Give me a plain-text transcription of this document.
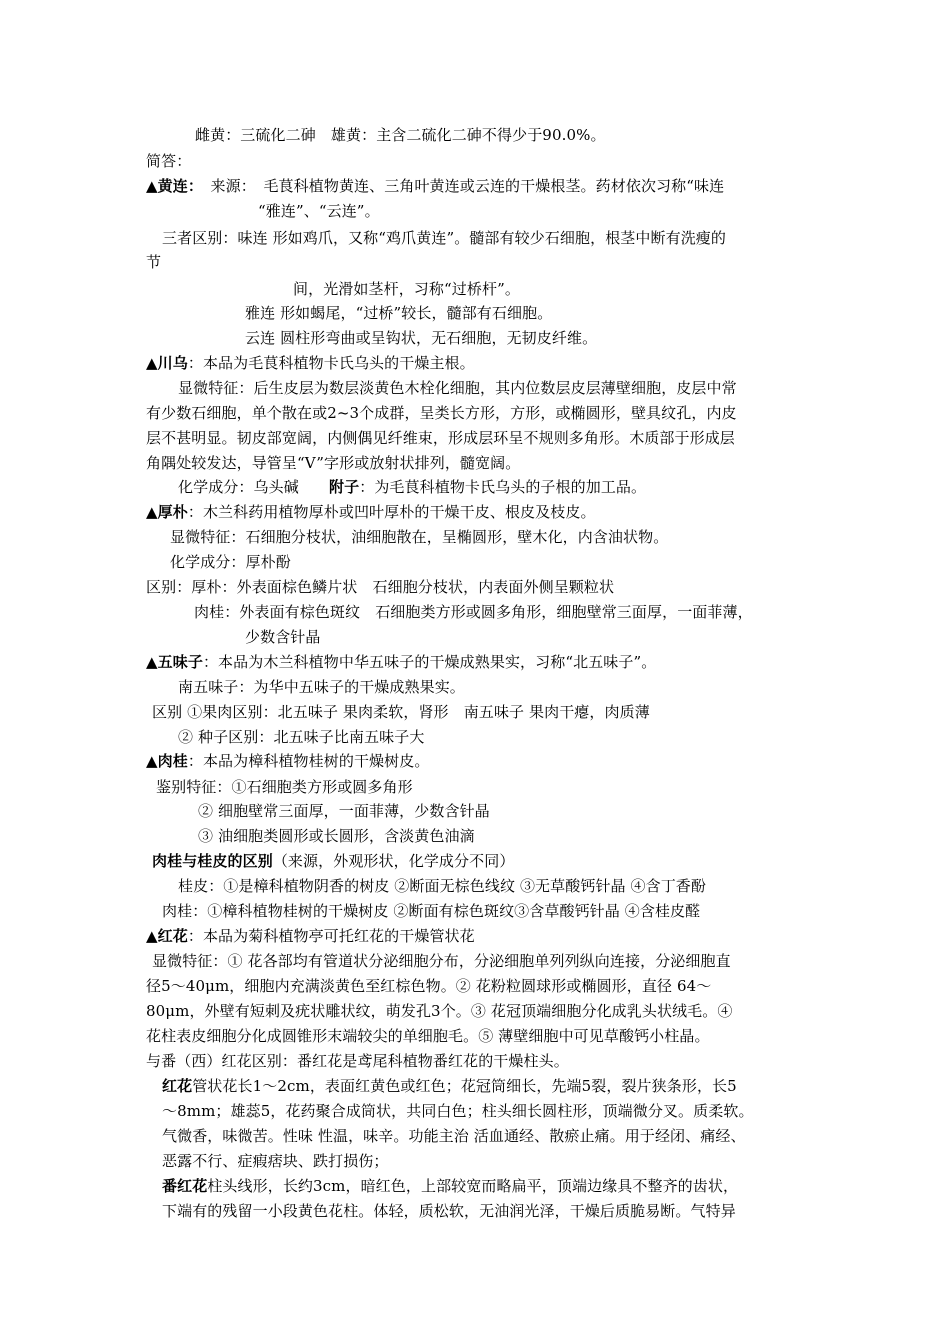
雌黄：三硫化二砷　雄黄：主含二硫化二砷不得少于90.0%。
简答：
▲黄连：　来源：　毛茛科植物黄连、三角叶黄连或云连的干燥根茎。药材依次习称“味连
“雅连”、“云连”。
三者区别：味连 形如鸡爪，又称“鸡爪黄连”。髓部有较少石细胞，根茎中断有洗瘦的
节
间，光滑如茎杆，习称“过桥杆”。
雅连 形如蝎尾，“过桥”较长，髓部有石细胞。
云连 圆柱形弯曲或呈钩状，无石细胞，无韧皮纤维。
▲川乌：本品为毛茛科植物卡氏乌头的干燥主根。
显微特征：后生皮层为数层淡黄色木栓化细胞，其内位数层皮层薄壁细胞，皮层中常
有少数石细胞，单个散在或2~3个成群，呈类长方形，方形，或椭圆形，壁具纹孔，内皮
层不甚明显。韧皮部宽阔，内侧偶见纤维束，形成层环呈不规则多角形。木质部于形成层
角隅处较发达，导管呈“V”字形或放射状排列，髓宽阔。
化学成分：乌头碱　　附子：为毛茛科植物卡氏乌头的子根的加工品。
▲厚朴：木兰科药用植物厚朴或凹叶厚朴的干燥干皮、根皮及枝皮。
显微特征：石细胞分枝状，油细胞散在，呈椭圆形，壁木化，内含油状物。
化学成分：厚朴酚
区别：厚朴：外表面棕色鳞片状　石细胞分枝状，内表面外侧呈颗粒状
肉桂：外表面有棕色斑纹　石细胞类方形或圆多角形，细胞壁常三面厚，一面菲薄，
少数含针晶
▲五味子：本品为木兰科植物中华五味子的干燥成熟果实，习称“北五味子”。
南五味子：为华中五味子的干燥成熟果实。
区别 ①果肉区别：北五味子 果肉柔软，肾形　南五味子 果肉干瘪，肉质薄
② 种子区别：北五味子比南五味子大
▲肉桂：本品为樟科植物桂树的干燥树皮。
鉴别特征：①石细胞类方形或圆多角形
② 细胞壁常三面厚，一面菲薄，少数含针晶
③ 油细胞类圆形或长圆形，含淡黄色油滴
肉桂与桂皮的区别（来源，外观形状，化学成分不同）
桂皮：①是樟科植物阴香的树皮 ②断面无棕色线纹 ③无草酸钙针晶 ④含丁香酚
肉桂：①樟科植物桂树的干燥树皮 ②断面有棕色斑纹③含草酸钙针晶 ④含桂皮醛
▲红花：本品为菊科植物亭可托红花的干燥管状花
显微特征：① 花各部均有管道状分泌细胞分布，分泌细胞单列列纵向连接，分泌细胞直
径5～40μm，细胞内充满淡黄色至红棕色物。② 花粉粒圆球形或椭圆形，直径 64～
80μm，外壁有短刺及疣状雕状纹，萌发孔3个。③ 花冠顶端细胞分化成乳头状绒毛。④
花柱表皮细胞分化成圆锥形末端较尖的单细胞毛。⑤ 薄壁细胞中可见草酸钙小柱晶。
与番（西）红花区别：番红花是鸢尾科植物番红花的干燥柱头。
红花管状花长1～2cm，表面红黄色或红色；花冠筒细长，先端5裂，裂片狭条形，长5
～8mm；雄蕊5，花药聚合成筒状，共同白色；柱头细长圆柱形，顶端微分叉。质柔软。
气微香，味微苦。性味 性温，味辛。功能主治 活血通经、散瘀止痛。用于经闭、痛经、
恶露不行、症瘕痞块、跌打损伤；
番红花柱头线形，长约3cm，暗红色，上部较宽而略扁平，顶端边缘具不整齐的齿状，
下端有的残留一小段黄色花柱。体轻，质松软，无油润光泽，干燥后质脆易断。气特异
